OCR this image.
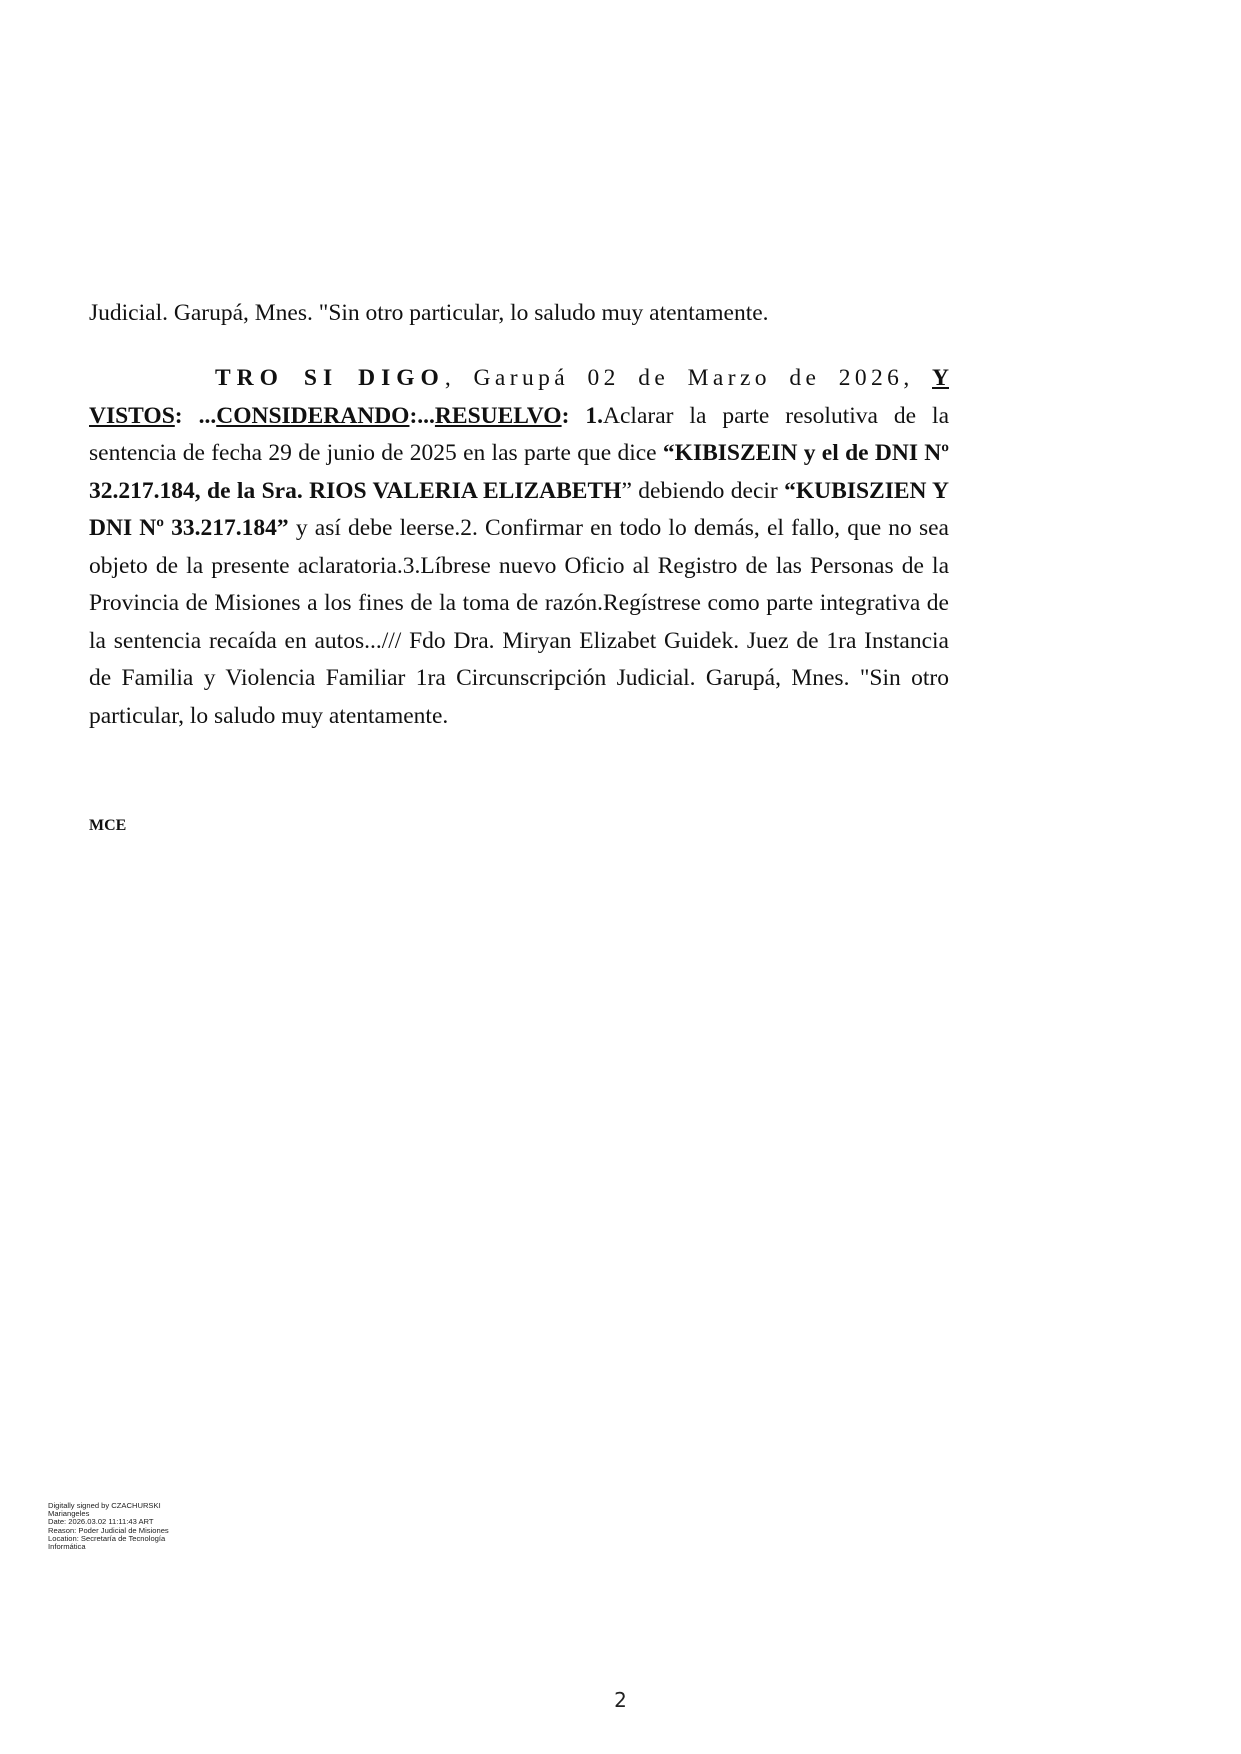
Judicial. Garupá, Mnes. "Sin otro particular, lo saludo muy atentamente.
TRO SI DIGO, Garupá 02 de Marzo de 2026, Y VISTOS: ...CONSIDERANDO:...RESUELVO: 1.Aclarar la parte resolutiva de la sentencia de fecha 29 de junio de 2025 en las parte que dice “KIBISZEIN y el de DNI Nº 32.217.184, de la Sra. RIOS VALERIA ELIZABETH” debiendo decir “KUBISZIEN Y DNI Nº 33.217.184” y así debe leerse.2. Confirmar en todo lo demás, el fallo, que no sea objeto de la presente aclaratoria.3.Líbrese nuevo Oficio al Registro de las Personas de la Provincia de Misiones a los fines de la toma de razón.Regístrese como parte integrativa de la sentencia recaída en autos.../// Fdo Dra. Miryan Elizabet Guidek. Juez de 1ra Instancia de Familia y Violencia Familiar 1ra Circunscripción Judicial. Garupá, Mnes. "Sin otro particular, lo saludo muy atentamente.
MCE
Digitally signed by CZACHURSKI
Mariangeles
Date: 2026.03.02 11:11:43 ART
Reason: Poder Judicial de Misiones
Location: Secretaría de Tecnología
Informática
2
